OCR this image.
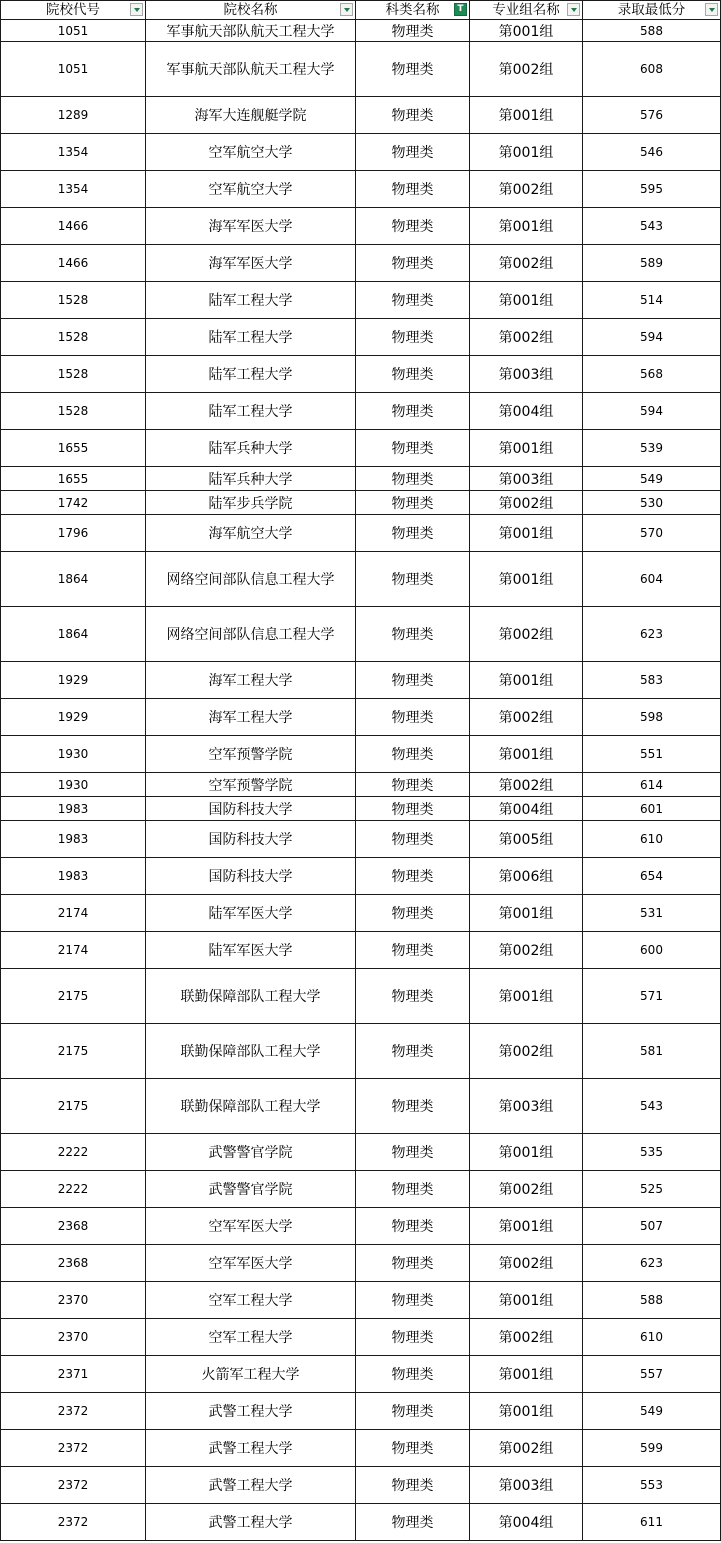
院校代号	院校名称	科类名称 T	专业组名称	录取最低分

1051	军事航天部队航天工程大学	物理类	第001组	588
1051	军事航天部队航天工程大学	物理类	第002组	608
1289	海军大连舰艇学院	物理类	第001组	576
1354	空军航空大学	物理类	第001组	546
1354	空军航空大学	物理类	第002组	595
1466	海军军医大学	物理类	第001组	543
1466	海军军医大学	物理类	第002组	589
1528	陆军工程大学	物理类	第001组	514
1528	陆军工程大学	物理类	第002组	594
1528	陆军工程大学	物理类	第003组	568
1528	陆军工程大学	物理类	第004组	594
1655	陆军兵种大学	物理类	第001组	539
1655	陆军兵种大学	物理类	第003组	549
1742	陆军步兵学院	物理类	第002组	530
1796	海军航空大学	物理类	第001组	570
1864	网络空间部队信息工程大学	物理类	第001组	604
1864	网络空间部队信息工程大学	物理类	第002组	623
1929	海军工程大学	物理类	第001组	583
1929	海军工程大学	物理类	第002组	598
1930	空军预警学院	物理类	第001组	551
1930	空军预警学院	物理类	第002组	614
1983	国防科技大学	物理类	第004组	601
1983	国防科技大学	物理类	第005组	610
1983	国防科技大学	物理类	第006组	654
2174	陆军军医大学	物理类	第001组	531
2174	陆军军医大学	物理类	第002组	600
2175	联勤保障部队工程大学	物理类	第001组	571
2175	联勤保障部队工程大学	物理类	第002组	581
2175	联勤保障部队工程大学	物理类	第003组	543
2222	武警警官学院	物理类	第001组	535
2222	武警警官学院	物理类	第002组	525
2368	空军军医大学	物理类	第001组	507
2368	空军军医大学	物理类	第002组	623
2370	空军工程大学	物理类	第001组	588
2370	空军工程大学	物理类	第002组	610
2371	火箭军工程大学	物理类	第001组	557
2372	武警工程大学	物理类	第001组	549
2372	武警工程大学	物理类	第002组	599
2372	武警工程大学	物理类	第003组	553
2372	武警工程大学	物理类	第004组	611
